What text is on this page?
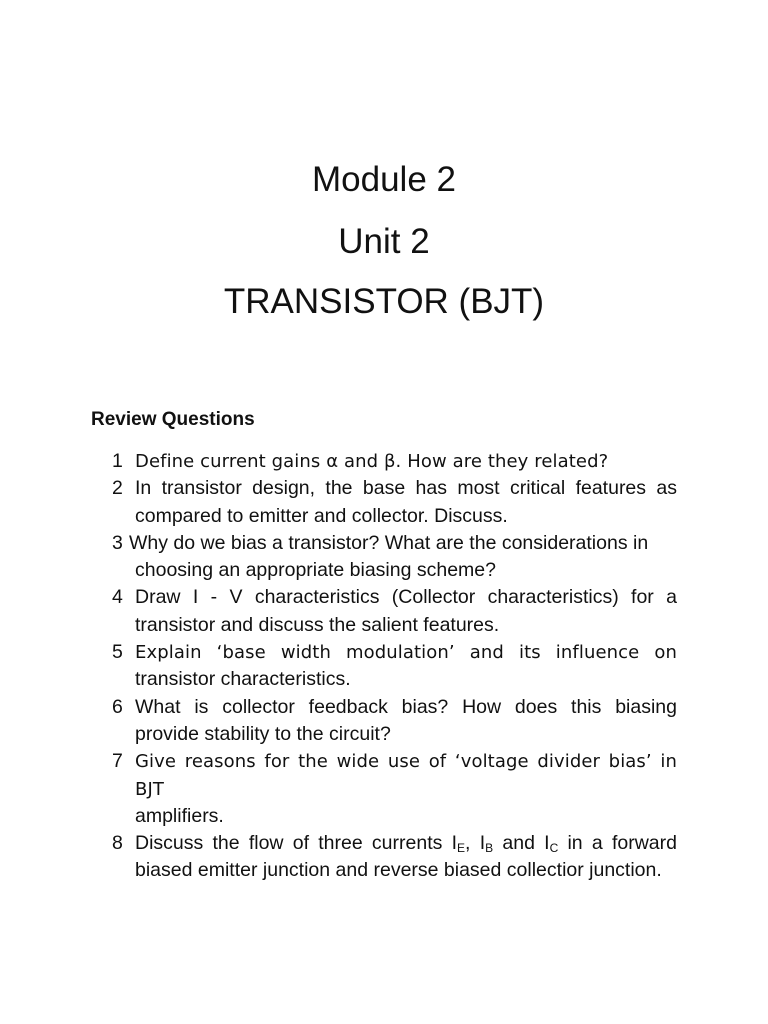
Module 2
Unit 2
TRANSISTOR (BJT)
Review Questions
1 Define current gains α and β. How are they related?
2 In transistor design, the base has most critical features as compared to emitter and collector. Discuss.
3 Why do we bias a transistor? What are the considerations in
choosing an appropriate biasing scheme?
4 Draw I - V characteristics (Collector characteristics) for a transistor and discuss the salient features.
5 Explain ‘base width modulation’ and its influence on
transistor characteristics.
6 What is collector feedback bias? How does this biasing provide stability to the circuit?
7 Give reasons for the wide use of ‘voltage divider bias’ in BJT
amplifiers.
8 Discuss the flow of three currents $I_E$, $I_B$ and $I_C$ in a forward biased emitter junction and reverse biased collectior junction.
